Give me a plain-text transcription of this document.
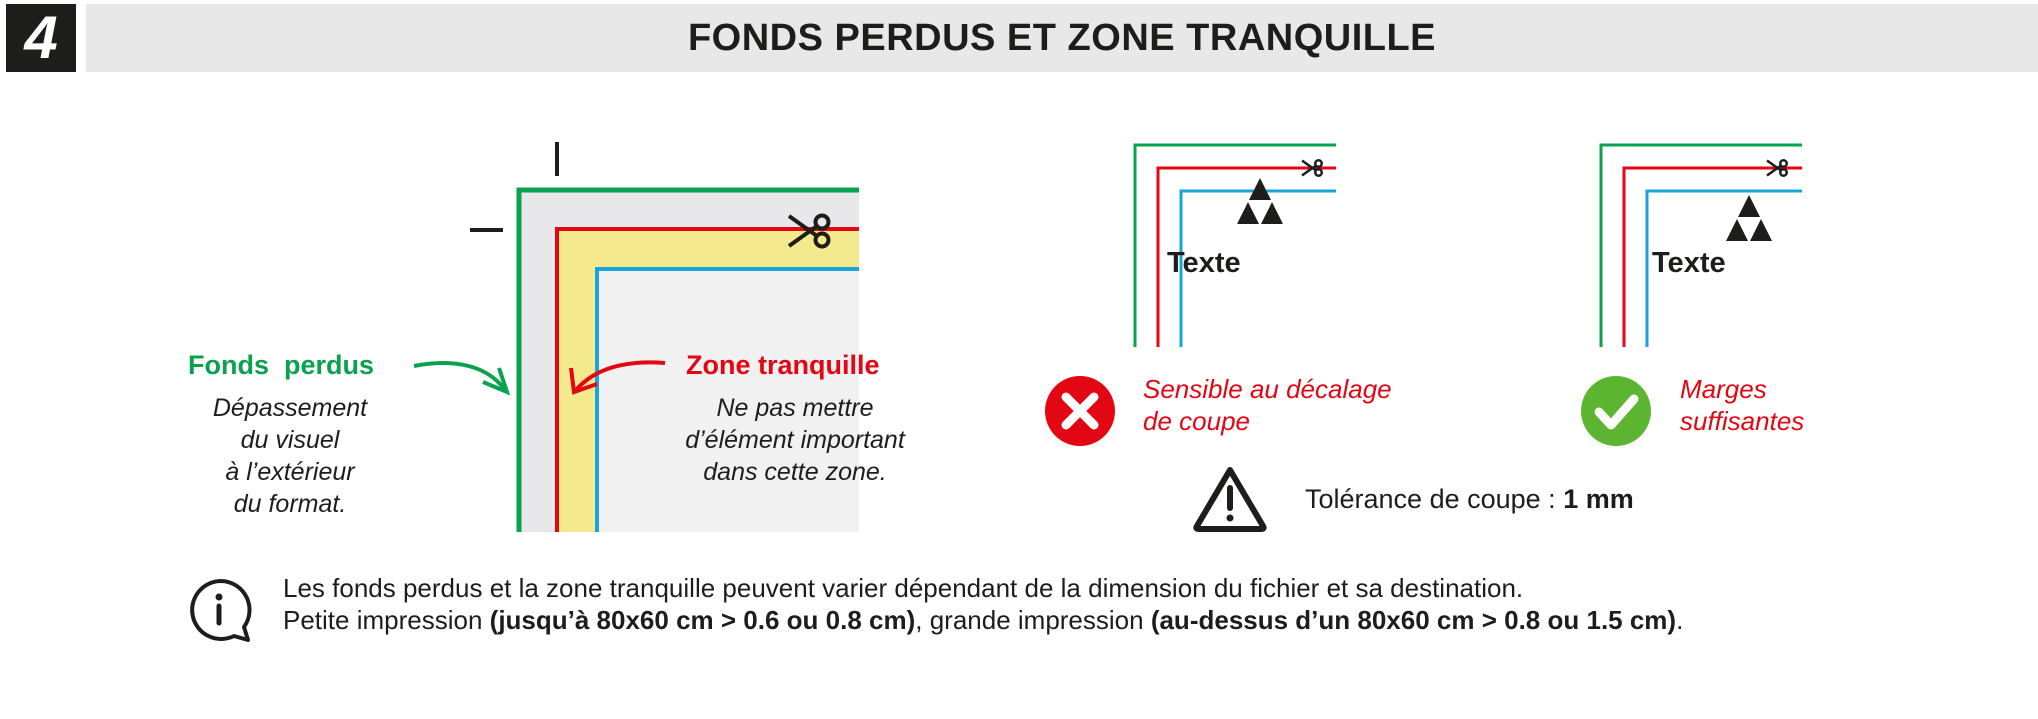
4	FONDS PERDUS ET ZONE TRANQUILLE
Fonds  perdus
Dépassement
du visuel
à l’extérieur
du format.
Zone tranquille
Ne pas mettre
d’élément important
dans cette zone.
Texte
Sensible au décalage
de coupe
Texte
Marges
suffisantes
Tolérance de coupe : 1 mm
Les fonds perdus et la zone tranquille peuvent varier dépendant de la dimension du fichier et sa destination.
Petite impression (jusqu’à 80x60 cm > 0.6 ou 0.8 cm), grande impression (au-dessus d’un 80x60 cm > 0.8 ou 1.5 cm).
